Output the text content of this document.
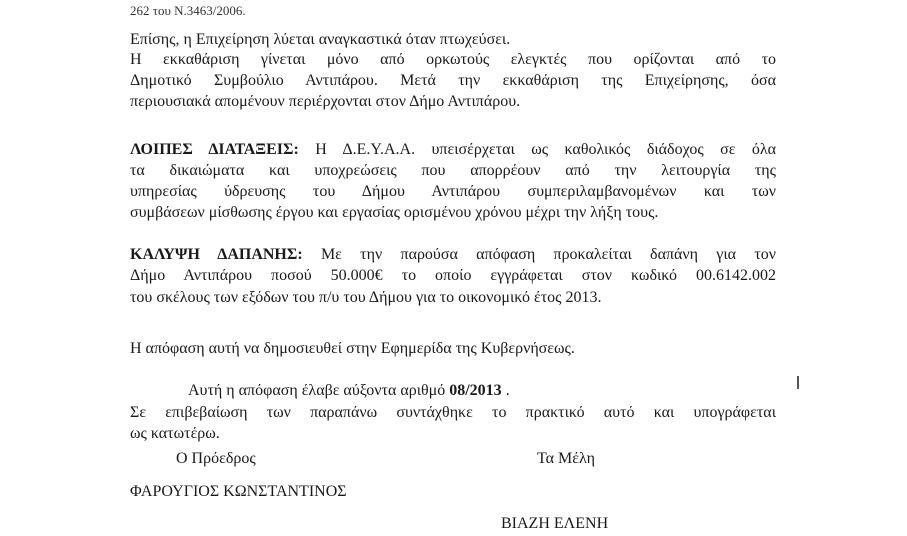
262 του Ν.3463/2006.
Επίσης, η Επιχείρηση λύεται αναγκαστικά όταν πτωχεύσει.
Η εκκαθάριση γίνεται μόνο από ορκωτούς ελεγκτές που ορίζονται από το
Δημοτικό Συμβούλιο Αντιπάρου. Μετά την εκκαθάριση της Επιχείρησης, όσα
περιουσιακά απομένουν περιέρχονται στον Δήμο Αντιπάρου.
ΛΟΙΠΕΣ ΔΙΑΤΑΞΕΙΣ: Η Δ.Ε.Υ.Α.Α. υπεισέρχεται ως καθολικός διάδοχος σε όλα
τα δικαιώματα και υποχρεώσεις που απορρέουν από την λειτουργία της
υπηρεσίας ύδρευσης του Δήμου Αντιπάρου συμπεριλαμβανομένων και των
συμβάσεων μίσθωσης έργου και εργασίας ορισμένου χρόνου μέχρι την λήξη τους.
ΚΑΛΥΨΗ ΔΑΠΑΝΗΣ: Με την παρούσα απόφαση προκαλείται δαπάνη για τον
Δήμο Αντιπάρου ποσού 50.000€ το οποίο εγγράφεται στον κωδικό 00.6142.002
του σκέλους των εξόδων του π/υ του Δήμου για το οικονομικό έτος 2013.
Η απόφαση αυτή να δημοσιευθεί στην Εφημερίδα της Κυβερνήσεως.
Αυτή η απόφαση έλαβε αύξοντα αριθμό 08/2013 .
Σε επιβεβαίωση των παραπάνω συντάχθηκε το πρακτικό αυτό και υπογράφεται
ως κατωτέρω.
Ο Πρόεδρος	Τα Μέλη
ΦΑΡΟΥΓΙΟΣ ΚΩΝΣΤΑΝΤΙΝΟΣ
ΒΙΑΖΗ ΕΛΕΝΗ
